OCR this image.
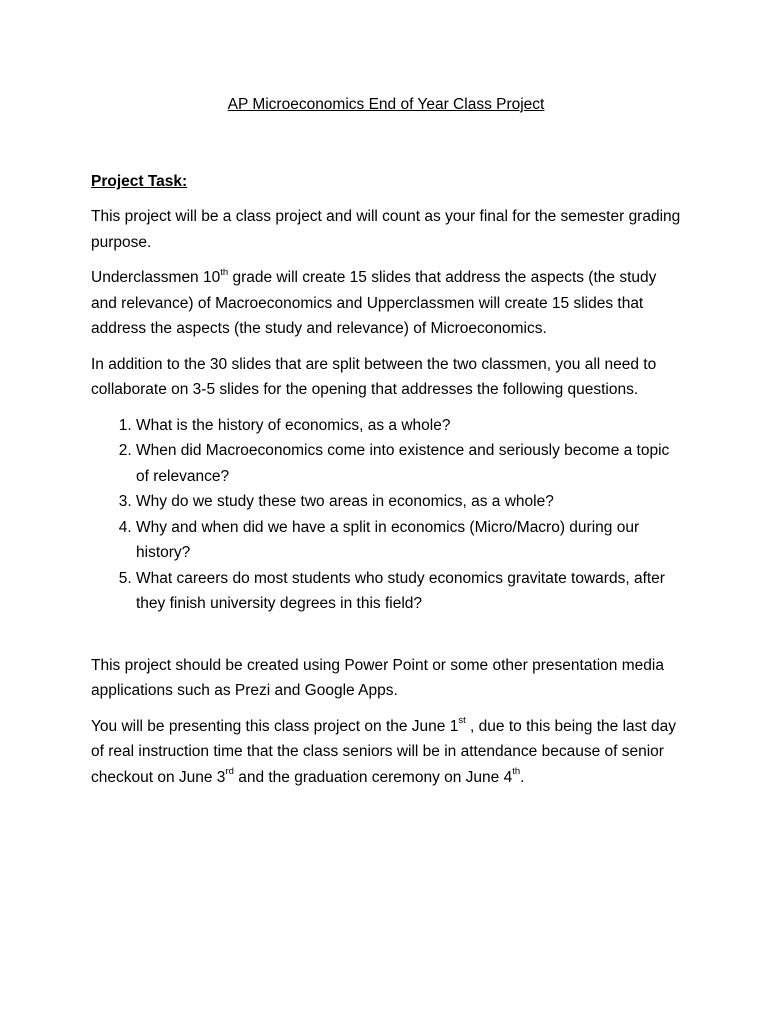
AP Microeconomics End of Year Class Project
Project Task:

This project will be a class project and will count as your final for the semester grading purpose.

Underclassmen 10th grade will create 15 slides that address the aspects (the study and relevance) of Macroeconomics and Upperclassmen will create 15 slides that address the aspects (the study and relevance) of Microeconomics.

In addition to the 30 slides that are split between the two classmen, you all need to collaborate on 3-5 slides for the opening that addresses the following questions.

1. What is the history of economics, as a whole?
2. When did Macroeconomics come into existence and seriously become a topic of relevance?
3. Why do we study these two areas in economics, as a whole?
4. Why and when did we have a split in economics (Micro/Macro) during our history?
5. What careers do most students who study economics gravitate towards, after they finish university degrees in this field?

This project should be created using Power Point or some other presentation media applications such as Prezi and Google Apps.

You will be presenting this class project on the June 1st , due to this being the last day of real instruction time that the class seniors will be in attendance because of senior checkout on June 3rd and the graduation ceremony on June 4th.
